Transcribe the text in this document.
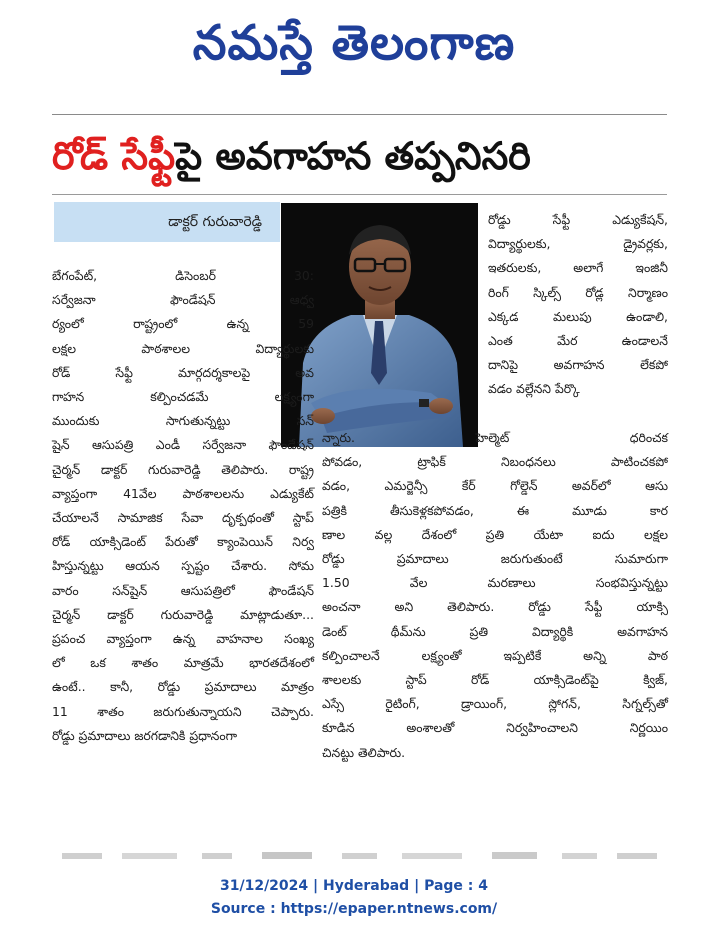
నమస్తే తెలంగాణ
రోడ్ సేఫ్టీపై అవగాహన తప్పనిసరి
డాక్టర్ గురువారెడ్డి
బేగంపేట్, డిసెంబర్ 30:
సర్వేజనా ఫౌండేషన్ ఆధ్వ
ర్యంలో రాష్ట్రంలో ఉన్న 59
లక్షల పాఠశాలల విద్యార్థులకు
రోడ్ సేఫ్టీ మార్గదర్శకాలపై అవ
గాహన కల్పించడమే లక్ష్యంగా
ముందుకు సాగుతున్నట్టు సన్
షైన్ ఆసుపత్రి ఎండీ సర్వేజనా ఫౌండేషన్
చైర్మన్ డాక్టర్ గురువారెడ్డి తెలిపారు. రాష్ట్ర
వ్యాప్తంగా 41వేల పాఠశాలలను ఎడ్యుకేట్
చేయాలనే సామాజిక సేవా దృక్పథంతో స్టాప్
రోడ్ యాక్సిడెంట్ పేరుతో క్యాంపెయిన్ నిర్వ
హిస్తున్నట్టు ఆయన స్పష్టం చేశారు. సోమ
వారం సన్‌షైన్ ఆసుపత్రిలో ఫౌండేషన్
చైర్మన్ డాక్టర్ గురువారెడ్డి మాట్లాడుతూ...
ప్రపంచ వ్యాప్తంగా ఉన్న వాహనాల సంఖ్య
లో ఒక శాతం మాత్రమే భారతదేశంలో
ఉంటే.. కానీ, రోడ్డు ప్రమాదాలు మాత్రం
11 శాతం జరుగుతున్నాయని చెప్పారు.
రోడ్డు ప్రమాదాలు జరగడానికి ప్రధానంగా
రోడ్డు సేఫ్టీ ఎడ్యుకేషన్,
విద్యార్థులకు, డ్రైవర్లకు,
ఇతరులకు, అలాగే ఇంజినీ
రింగ్ స్కిల్స్ రోడ్ల నిర్మాణం
ఎక్కడ మలుపు ఉండాలి,
ఎంత మేర ఉండాలనే
దానిపై అవగాహన లేకపో
వడం వల్లేనని పేర్కొ
న్నారు. హెల్మెట్ ధరించక
పోవడం, ట్రాఫిక్ నిబంధనలు పాటించకపో
వడం, ఎమర్జెన్సీ కేర్ గోల్డెన్ అవర్‌లో ఆసు
పత్రికి తీసుకెళ్లకపోవడం, ఈ మూడు కార
ణాల వల్ల దేశంలో ప్రతి యేటా ఐదు లక్షల
రోడ్డు ప్రమాదాలు జరుగుతుంటే సుమారుగా
1.50 వేల మరణాలు సంభవిస్తున్నట్టు
అంచనా అని తెలిపారు. రోడ్డు సేఫ్టీ యాక్సి
డెంట్ థీమ్‌ను ప్రతి విద్యార్థికి అవగాహన
కల్పించాలనే లక్ష్యంతో ఇప్పటికే అన్ని పాఠ
శాలలకు స్టాప్ రోడ్ యాక్సిడెంట్‌పై క్విజ్,
ఎస్సే రైటింగ్, డ్రాయింగ్, స్లోగన్, సిగ్నల్స్‌తో
కూడిన అంశాలతో నిర్వహించాలని నిర్ణయిం
చినట్టు తెలిపారు.
31/12/2024 | Hyderabad | Page : 4
Source : https://epaper.ntnews.com/
